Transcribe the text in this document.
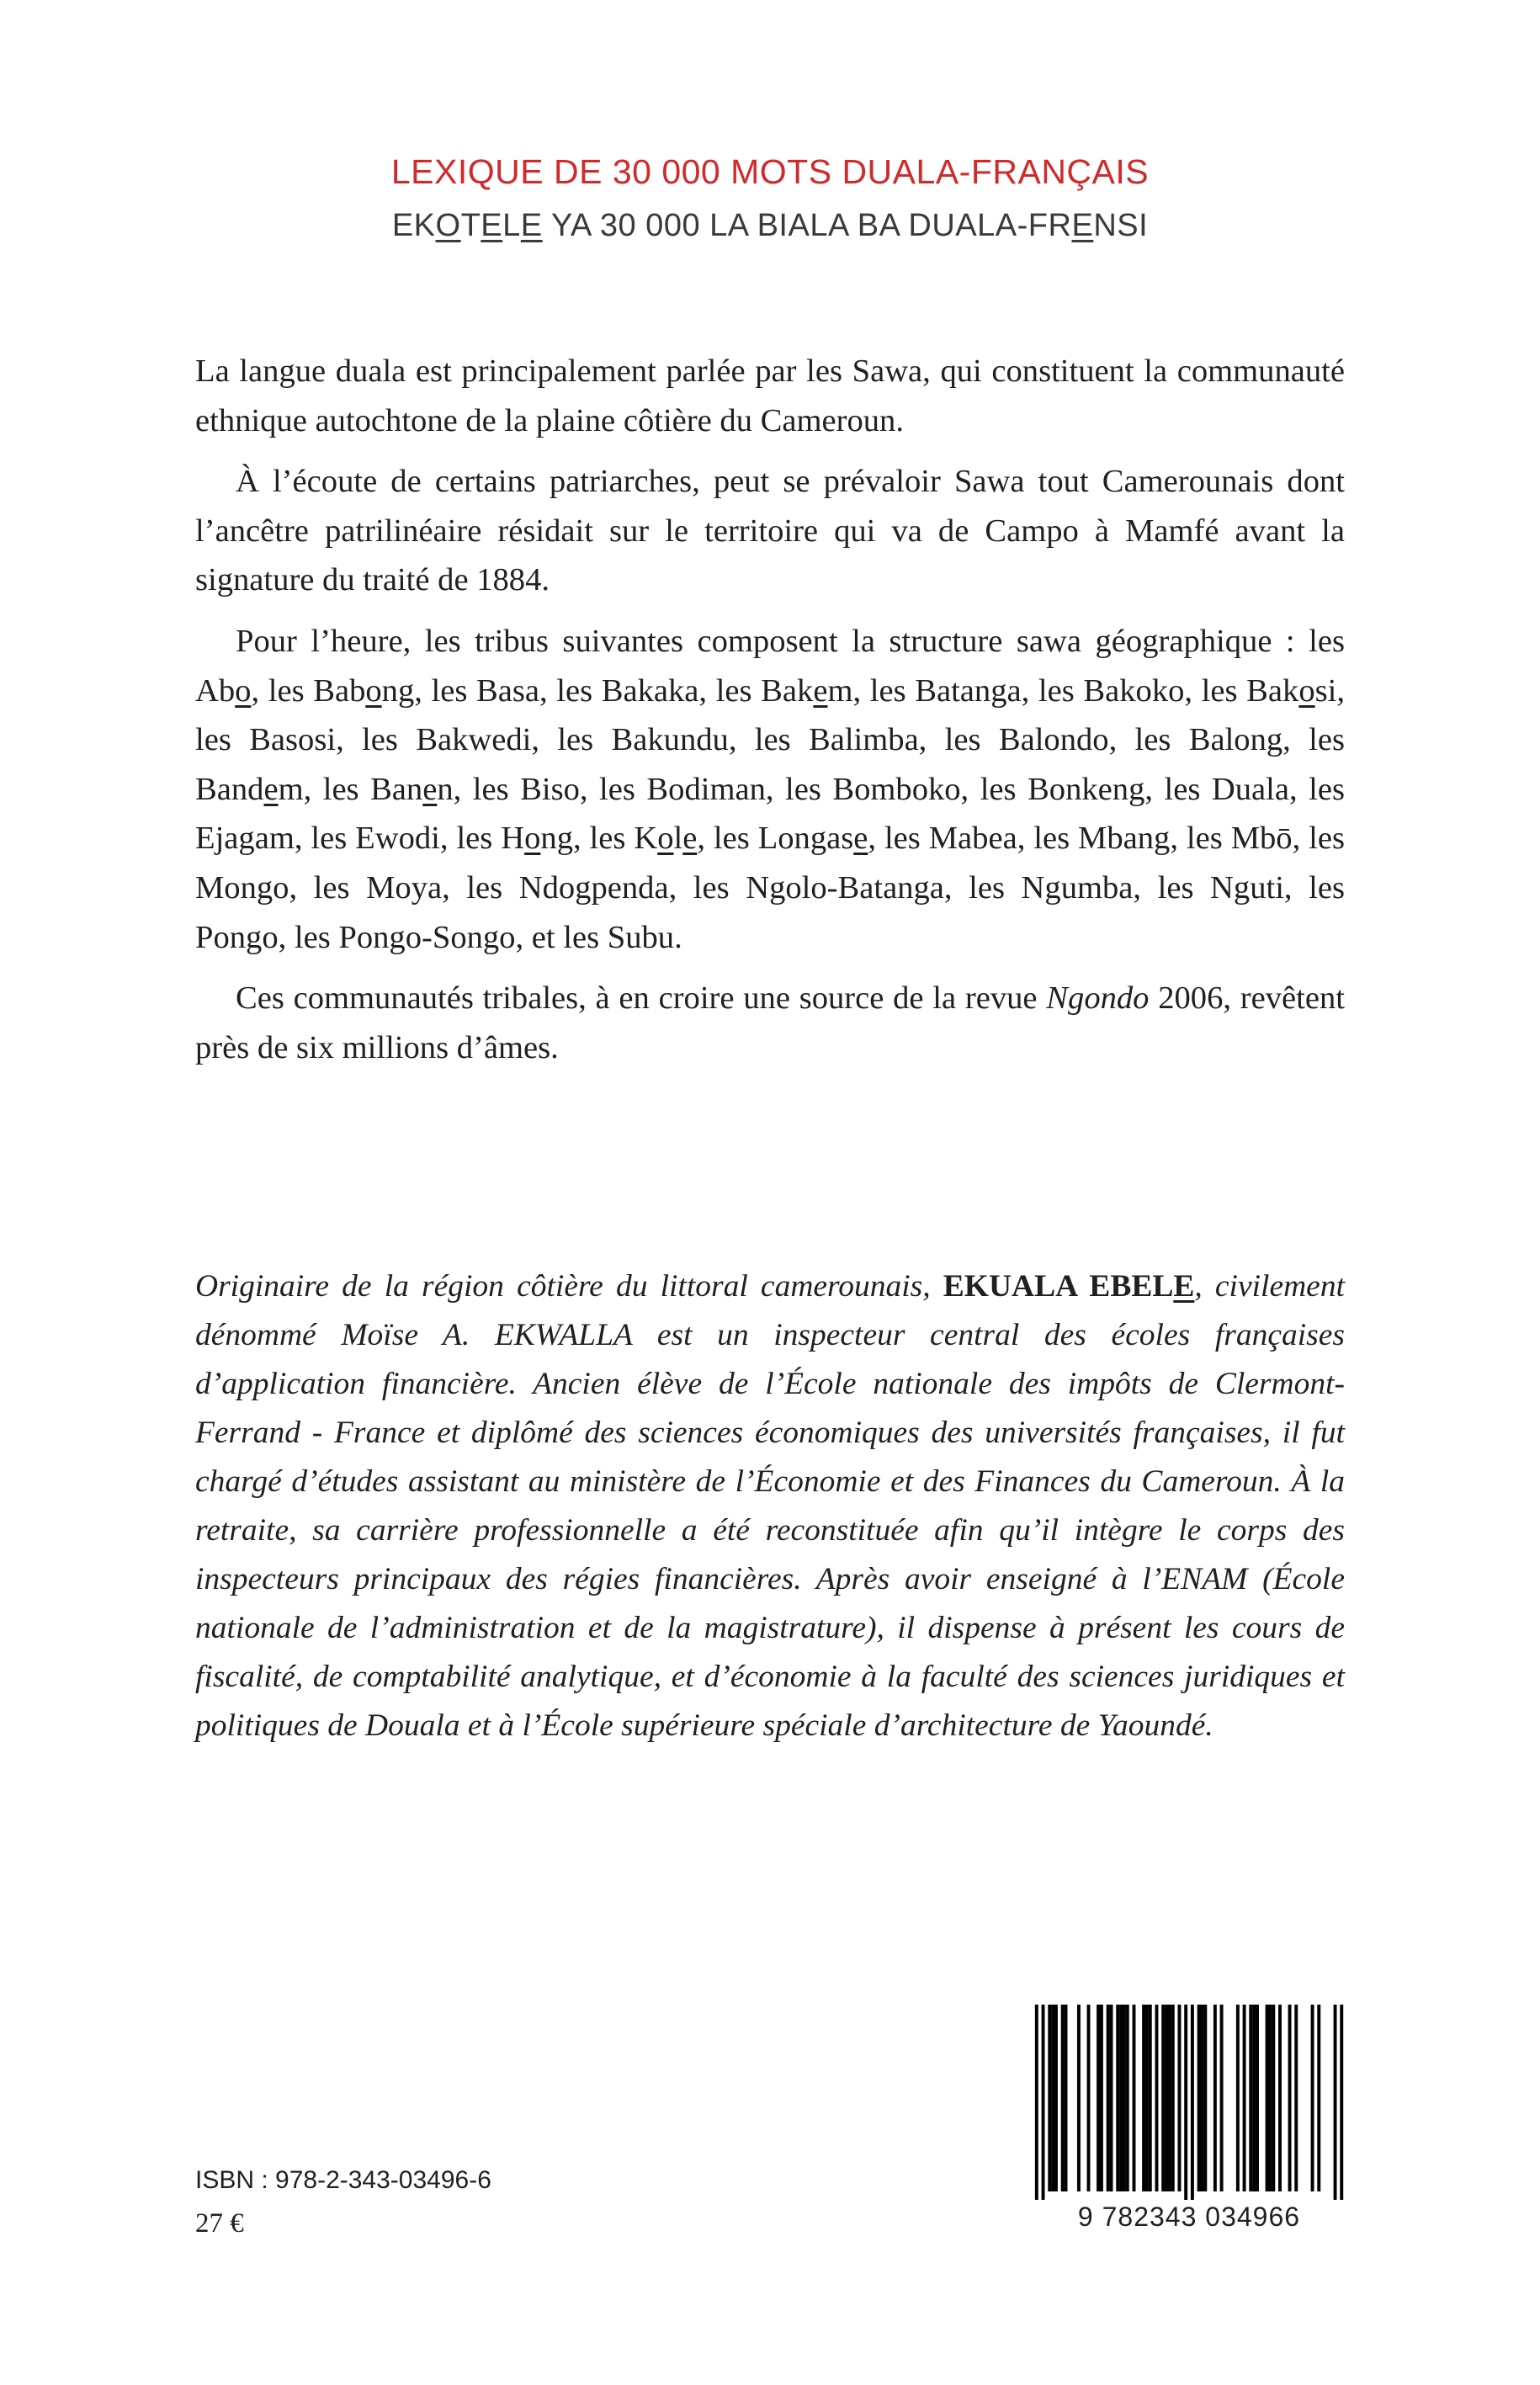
LEXIQUE DE 30 000 MOTS DUALA-FRANÇAIS
EKOTELE YA 30 000 LA BIALA BA DUALA-FRENSI

La langue duala est principalement parlée par les Sawa, qui constituent la communauté ethnique autochtone de la plaine côtière du Cameroun.

À l’écoute de certains patriarches, peut se prévaloir Sawa tout Camerounais dont l’ancêtre patrilinéaire résidait sur le territoire qui va de Campo à Mamfé avant la signature du traité de 1884.

Pour l’heure, les tribus suivantes composent la structure sawa géographique : les Abo, les Babong, les Basa, les Bakaka, les Bakem, les Batanga, les Bakoko, les Bakosi, les Basosi, les Bakwedi, les Bakundu, les Balimba, les Balondo, les Balong, les Bandem, les Banen, les Biso, les Bodiman, les Bomboko, les Bonkeng, les Duala, les Ejagam, les Ewodi, les Hong, les Kole, les Longase, les Mabea, les Mbang, les Mbō, les Mongo, les Moya, les Ndogpenda, les Ngolo-Batanga, les Ngumba, les Nguti, les Pongo, les Pongo-Songo, et les Subu.

Ces communautés tribales, à en croire une source de la revue Ngondo 2006, revêtent près de six millions d’âmes.

Originaire de la région côtière du littoral camerounais, EKUALA EBELE, civilement dénommé Moïse A. EKWALLA est un inspecteur central des écoles françaises d’application financière. Ancien élève de l’École nationale des impôts de Clermont-Ferrand - France et diplômé des sciences économiques des universités françaises, il fut chargé d’études assistant au ministère de l’Économie et des Finances du Cameroun. À la retraite, sa carrière professionnelle a été reconstituée afin qu’il intègre le corps des inspecteurs principaux des régies financières. Après avoir enseigné à l’ENAM (École nationale de l’administration et de la magistrature), il dispense à présent les cours de fiscalité, de comptabilité analytique, et d’économie à la faculté des sciences juridiques et politiques de Douala et à l’École supérieure spéciale d’architecture de Yaoundé.
ISBN : 978-2-343-03496-6
27 €	9 782343 034966
